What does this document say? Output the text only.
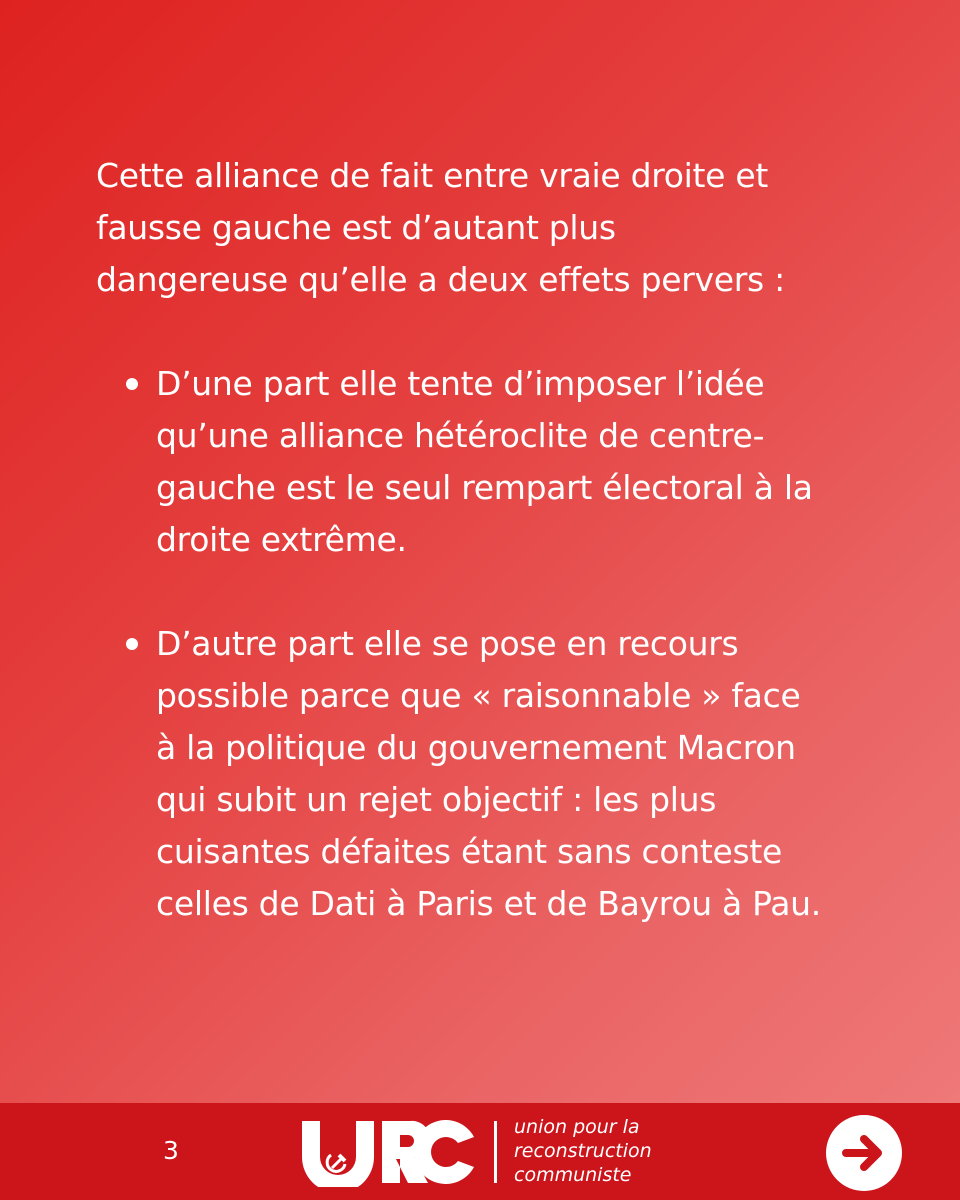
Cette alliance de fait entre vraie droite et

fausse gauche est d’autant plus

dangereuse qu’elle a deux effets pervers :

D’une part elle tente d’imposer l’idée

qu’une alliance hétéroclite de centre-

gauche est le seul rempart électoral à la

droite extrême.

D’autre part elle se pose en recours

possible parce que « raisonnable » face

à la politique du gouvernement Macron

qui subit un rejet objectif : les plus

cuisantes défaites étant sans conteste

celles de Dati à Paris et de Bayrou à Pau.

3
union pour la
reconstruction
communiste
